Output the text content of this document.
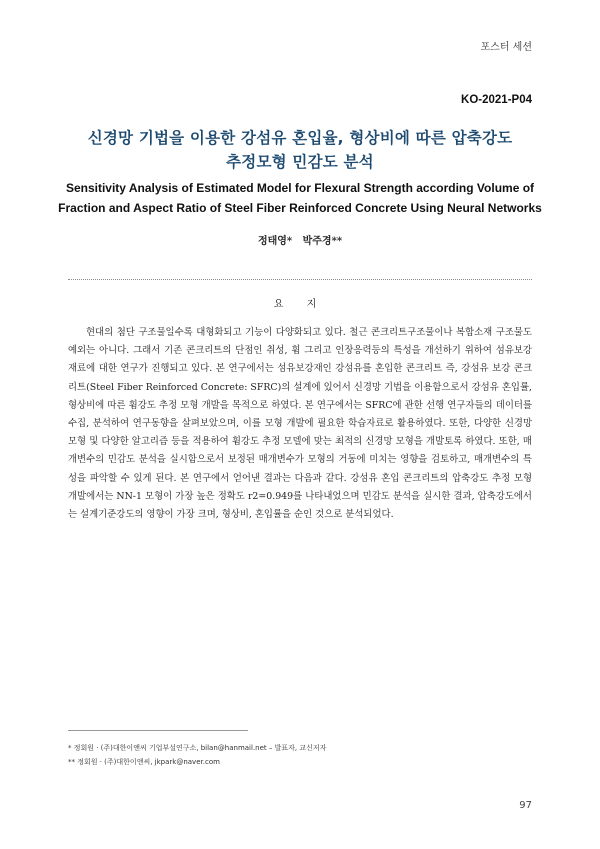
포스터 세션
KO-2021-P04
신경망 기법을 이용한 강섬유 혼입율, 형상비에 따른 압축강도
추정모형 민감도 분석
Sensitivity Analysis of Estimated Model for Flexural Strength according Volume of
Fraction and Aspect Ratio of Steel Fiber Reinforced Concrete Using Neural Networks
정태영*   박주경**
요 지

현대의 첨단 구조물일수록 대형화되고 기능이 다양화되고 있다. 철근 콘크리트구조물이나 복합소재 구조물도 예외는 아니다. 그래서 기존 콘크리트의 단점인 취성, 휨 그리고 인장응력등의 특성을 개선하기 위하여 섬유보강 재료에 대한 연구가 진행되고 있다. 본 연구에서는 섬유보강재인 강섬유를 혼입한 콘크리트 즉, 강섬유 보강 콘크리트(Steel Fiber Reinforced Concrete: SFRC)의 설계에 있어서 신경망 기법을 이용함으로서 강섬유 혼입률, 형상비에 따른 휨강도 추정 모형 개발을 목적으로 하였다. 본 연구에서는 SFRC에 관한 선행 연구자들의 데이터를 수집, 분석하여 연구동향을 살펴보았으며, 이를 모형 개발에 필요한 학습자료로 활용하였다. 또한, 다양한 신경망 모형 및 다양한 알고리즘 등을 적용하여 휨강도 추정 모델에 맞는 최적의 신경망 모형을 개발토록 하였다. 또한, 매개변수의 민감도 분석을 실시함으로서 보정된 매개변수가 모형의 거동에 미치는 영향을 검토하고, 매개변수의 특성을 파악할 수 있게 된다. 본 연구에서 얻어낸 결과는 다음과 같다. 강섬유 혼입 콘크리트의 압축강도 추정 모형 개발에서는 NN-1 모형이 가장 높은 정확도 r2=0.949를 나타내었으며 민감도 분석을 실시한 결과, 압축강도에서는 설계기준강도의 영향이 가장 크며, 형상비, 혼입률을 순인 것으로 분석되었다.

* 정회원 · (주)대한이앤씨 기업부설연구소, bilan@hanmail.net – 발표자, 교신저자
** 정회원 · (주)대한이앤씨, jkpark@naver.com
97
